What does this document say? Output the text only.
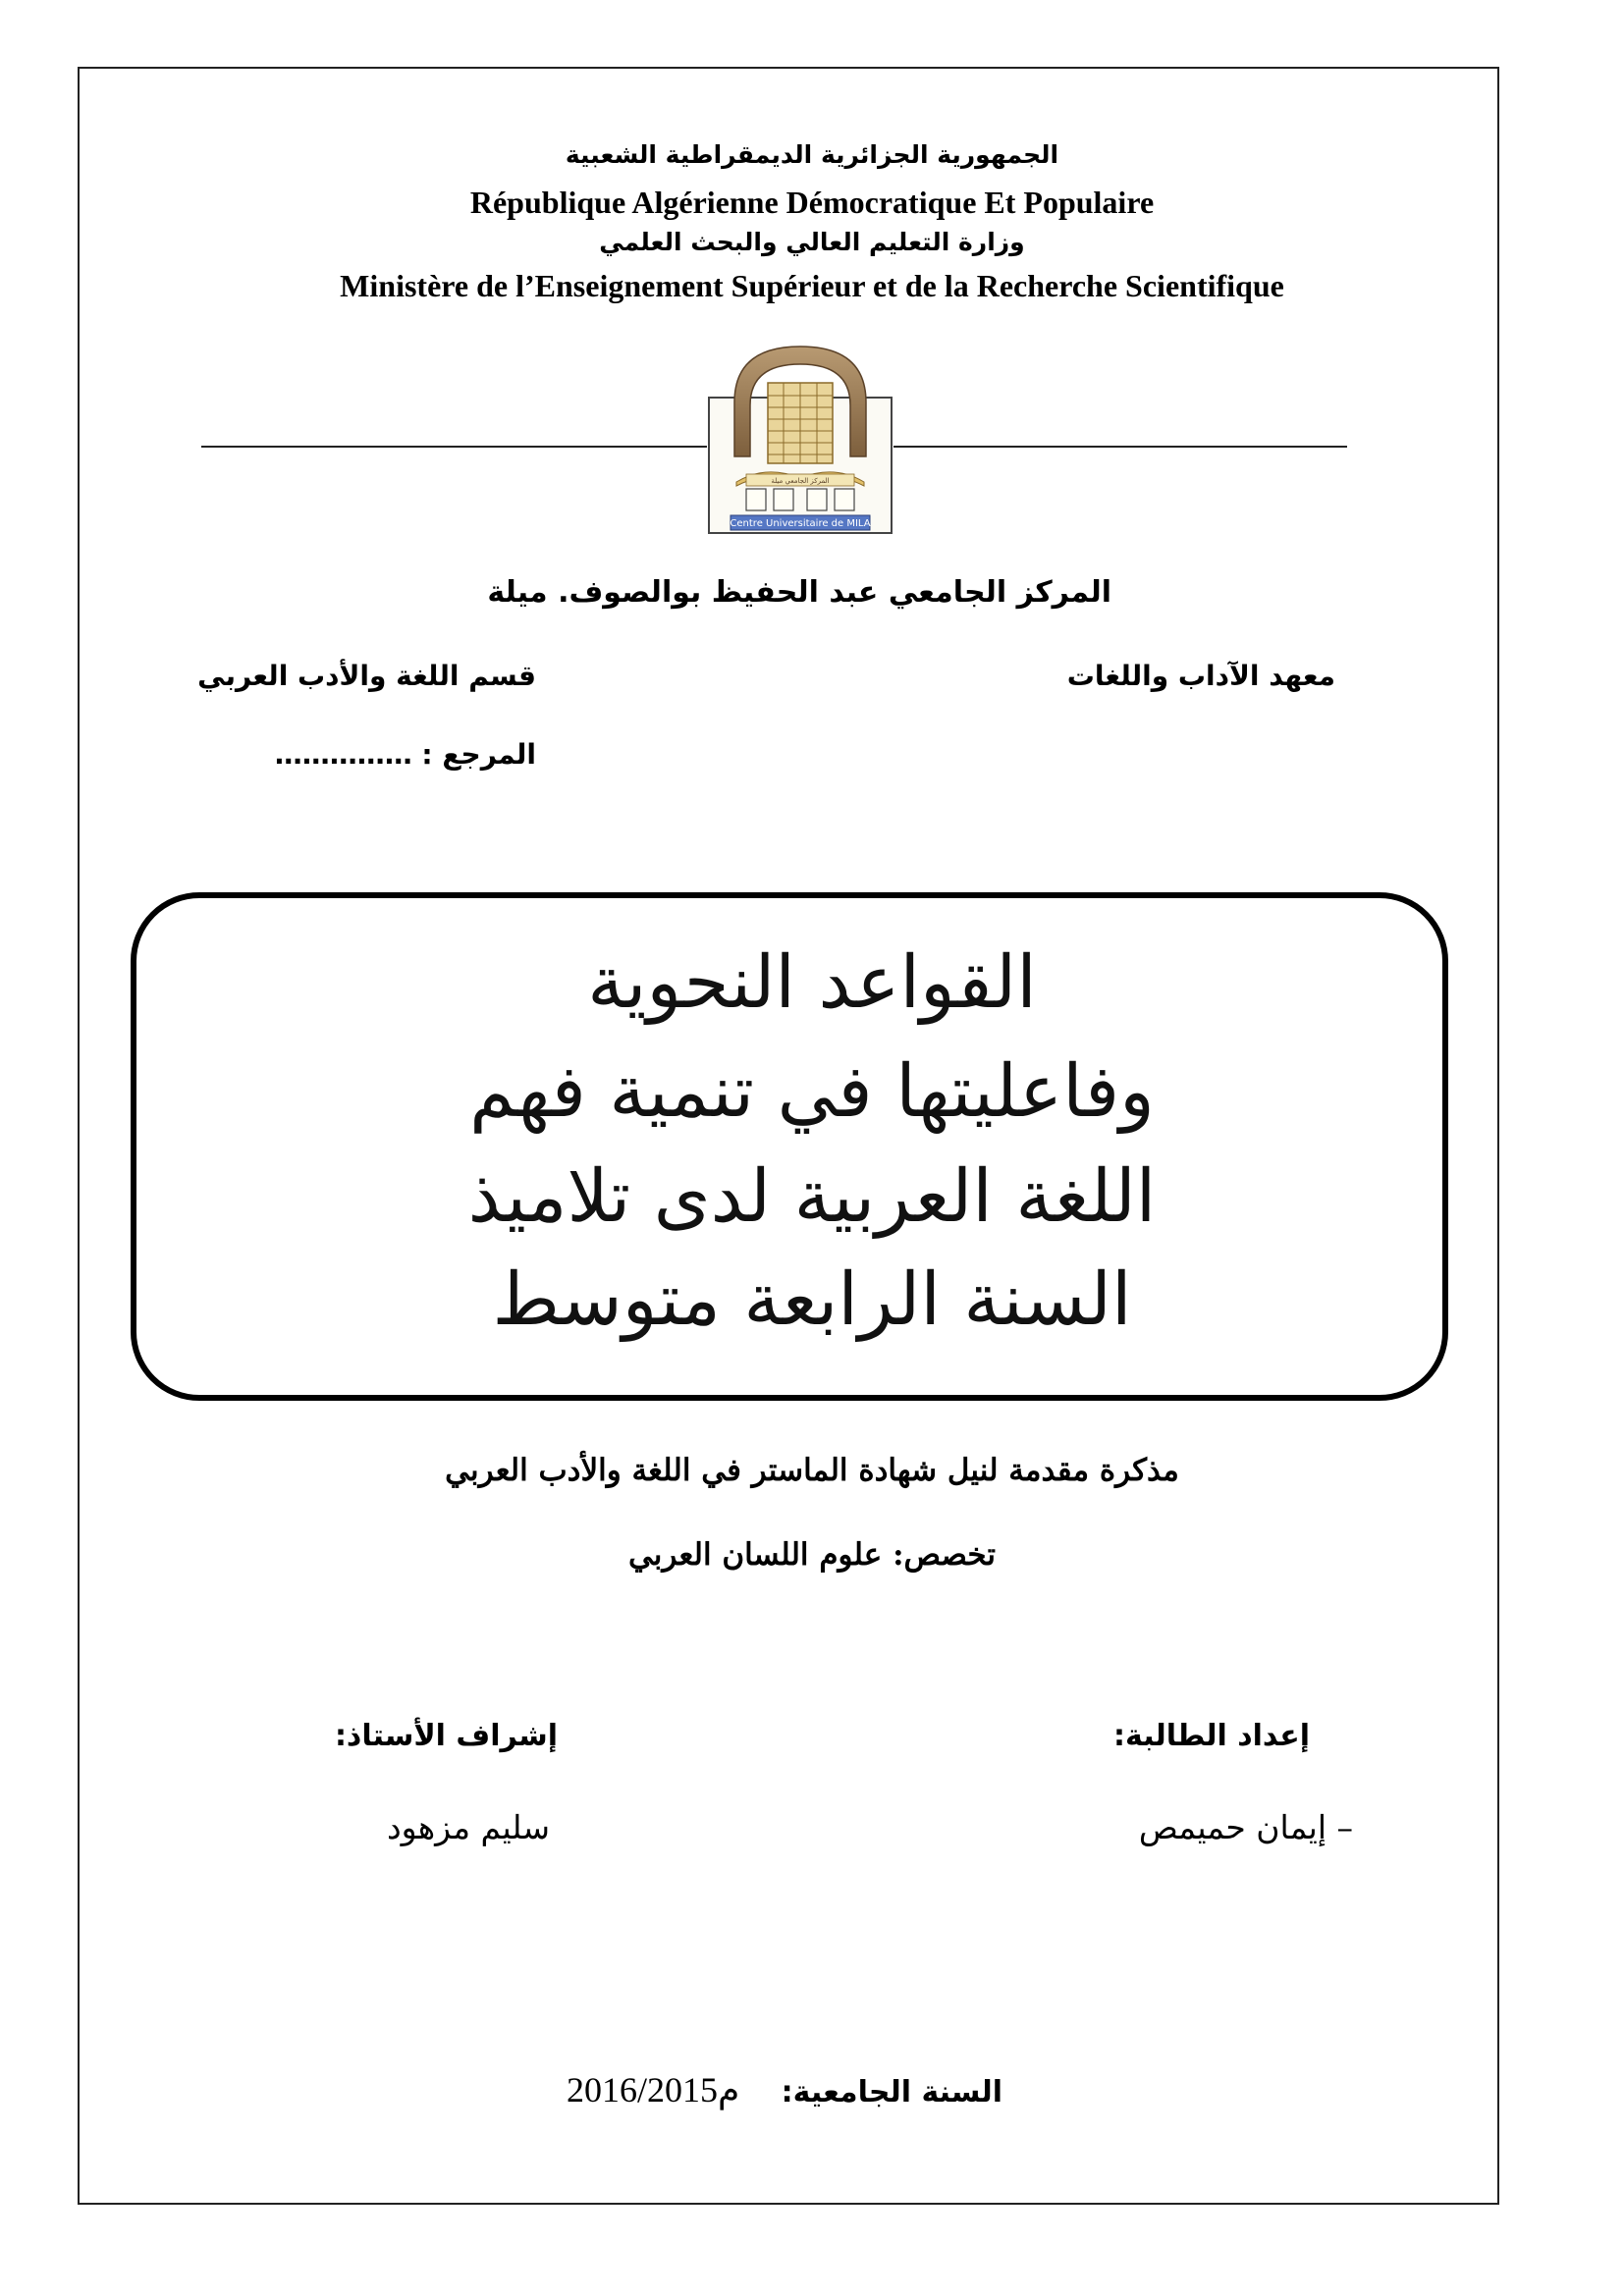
الجمهورية الجزائرية الديمقراطية الشعبية
République Algérienne Démocratique Et Populaire
وزارة التعليم العالي والبحث العلمي
Ministère de l’Enseignement Supérieur et de la Recherche Scientifique
المركز الجامعي ميلة
Centre Universitaire de MILA
المركز الجامعي عبد الحفيظ بوالصوف. ميلة
معهد الآداب واللغات
قسم اللغة والأدب العربي
المرجع : ……………
القواعد النحوية
وفاعليتها في تنمية فهم
اللغة العربية لدى تلاميذ
السنة الرابعة متوسط
مذكرة مقدمة لنيل شهادة الماستر في اللغة والأدب العربي
تخصص: علوم اللسان العربي
إعداد الطالبة:
إشراف الأستاذ:
– إيمان حميمص
سليم مزهود
السنة الجامعية:
2016/2015م
